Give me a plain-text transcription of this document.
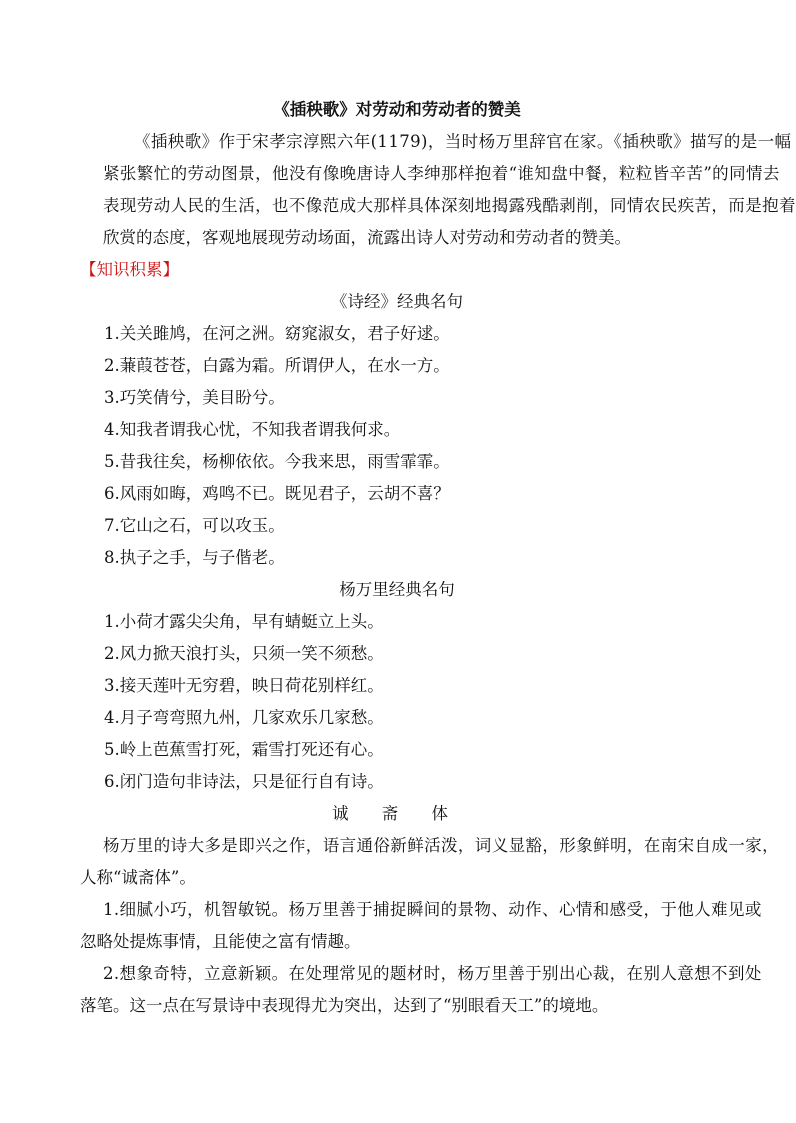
《插秧歌》对劳动和劳动者的赞美
《插秧歌》作于宋孝宗淳熙六年(1179)，当时杨万里辞官在家。《插秧歌》描写的是一幅
紧张繁忙的劳动图景，他没有像晚唐诗人李绅那样抱着“谁知盘中餐，粒粒皆辛苦”的同情去
表现劳动人民的生活，也不像范成大那样具体深刻地揭露残酷剥削，同情农民疾苦，而是抱着
欣赏的态度，客观地展现劳动场面，流露出诗人对劳动和劳动者的赞美。
【知识积累】
《诗经》经典名句
1.关关雎鸠，在河之洲。窈窕淑女，君子好逑。
2.蒹葭苍苍，白露为霜。所谓伊人，在水一方。
3.巧笑倩兮，美目盼兮。
4.知我者谓我心忧，不知我者谓我何求。
5.昔我往矣，杨柳依依。今我来思，雨雪霏霏。
6.风雨如晦，鸡鸣不已。既见君子，云胡不喜？
7.它山之石，可以攻玉。
8.执子之手，与子偕老。
杨万里经典名句
1.小荷才露尖尖角，早有蜻蜓立上头。
2.风力掀天浪打头，只须一笑不须愁。
3.接天莲叶无穷碧，映日荷花别样红。
4.月子弯弯照九州，几家欢乐几家愁。
5.岭上芭蕉雪打死，霜雪打死还有心。
6.闭门造句非诗法，只是征行自有诗。
诚 斋 体
杨万里的诗大多是即兴之作，语言通俗新鲜活泼，词义显豁，形象鲜明，在南宋自成一家，
人称“诚斋体”。
1.细腻小巧，机智敏锐。杨万里善于捕捉瞬间的景物、动作、心情和感受，于他人难见或
忽略处提炼事情，且能使之富有情趣。
2.想象奇特，立意新颖。在处理常见的题材时，杨万里善于别出心裁，在别人意想不到处
落笔。这一点在写景诗中表现得尤为突出，达到了“别眼看天工”的境地。
